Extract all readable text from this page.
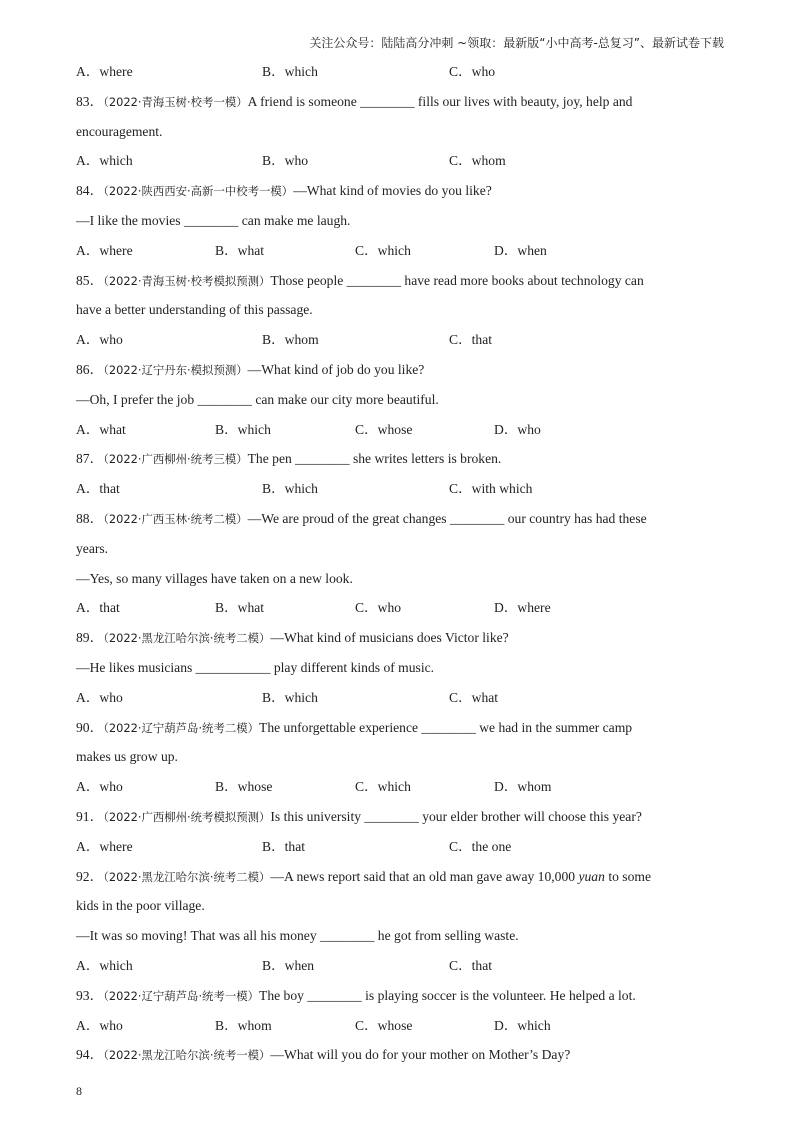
关注公众号：陆陆高分冲刺 ~领取：最新版“小中高考-总复习”、最新试卷下载
A．where	B．which	C．who
83．（2022·青海玉树·校考一模）A friend is someone ________ fills our lives with beauty, joy, help and
encouragement.
A．which	B．who	C．whom
84．（2022·陕西西安·高新一中校考一模）—What kind of movies do you like?
—I like the movies ________ can make me laugh.
A．where	B．what	C．which	D．when
85．（2022·青海玉树·校考模拟预测）Those people ________ have read more books about technology can
have a better understanding of this passage.
A．who	B．whom	C．that
86．（2022·辽宁丹东·模拟预测）—What kind of job do you like?
—Oh, I prefer the job ________ can make our city more beautiful.
A．what	B．which	C．whose	D．who
87．（2022·广西柳州·统考三模）The pen ________ she writes letters is broken.
A．that	B．which	C．with which
88．（2022·广西玉林·统考二模）—We are proud of the great changes ________ our country has had these
years.
—Yes, so many villages have taken on a new look.
A．that	B．what	C．who	D．where
89．（2022·黑龙江哈尔滨·统考二模）—What kind of musicians does Victor like?
—He likes musicians ___________ play different kinds of music.
A．who	B．which	C．what
90．（2022·辽宁葫芦岛·统考二模）The unforgettable experience ________ we had in the summer camp
makes us grow up.
A．who	B．whose	C．which	D．whom
91．（2022·广西柳州·统考模拟预测）Is this university ________ your elder brother will choose this year?
A．where	B．that	C．the one
92．（2022·黑龙江哈尔滨·统考二模）—A news report said that an old man gave away 10,000 yuan to some
kids in the poor village.
—It was so moving! That was all his money ________ he got from selling waste.
A．which	B．when	C．that
93．（2022·辽宁葫芦岛·统考一模）The boy ________ is playing soccer is the volunteer. He helped a lot.
A．who	B．whom	C．whose	D．which
94．（2022·黑龙江哈尔滨·统考一模）—What will you do for your mother on Mother’s Day?
8
